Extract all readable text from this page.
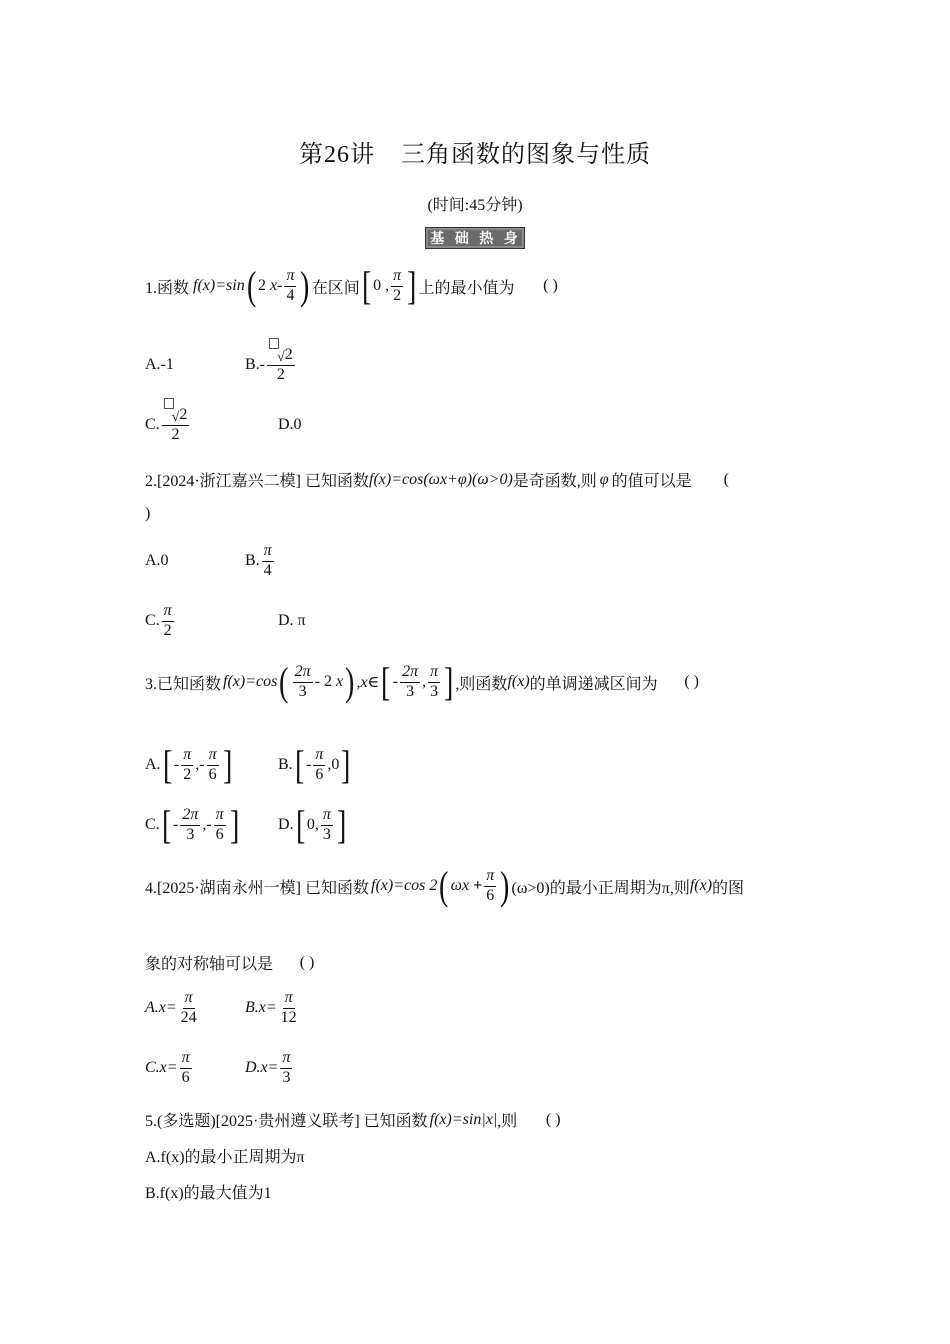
第26讲 三角函数的图象与性质
(时间:45分钟)
基 础 热 身
1.函数 f(x)=sin ( 2
x - $\frac{\pi}{4}$ ) 在区间 [ 0
, $\frac{\pi}{2}$ ] 上的最小值为	( )
A.-1	$B.- \frac{√2}{2}$
C. $\frac{√2}{2}$	D.0
2.[2024·浙江嘉兴二模] 已知函数 f(x)=cos(ωx+φ)(ω>0) 是奇函数,则 φ 的值可以是 (
)
A.0	B. $\frac{\pi}{4}$
C. $\frac{\pi}{2}$	D. π
3.已知函数 f(x)=cos ( $\frac{2\pi}{3}$ -
2
x ) ,x∈ [ - $\frac{2\pi}{3}$ , $\frac{\pi}{3}$ ] ,则函数 f(x) 的单调递减区间为	( )
A. [ - $\frac{\pi}{2}$ , - $\frac{\pi}{6}$ ]	B. [ - $\frac{\pi}{6}$ , 0 ]
C. [ - $\frac{2\pi}{3}$ , - $\frac{\pi}{6}$ ] D. [ 0 , $\frac{\pi}{3}$ ]
4.[2025·湖南永州一模] 已知函数 f(x)=cos 2 ( ωx
+ $\frac{\pi}{6}$ ) (ω>0)的最小正周期为π,则 f(x) 的图
象的对称轴可以是	( )
$A.x= \frac{\pi}{24}$	$B.x= \frac{\pi}{12}$
$C.x= \frac{\pi}{6}$	$D.x= \frac{\pi}{3}$
5.(多选题)[2025·贵州遵义联考] 已知函数 f(x)=sin|x| ,则	( )
A.f(x)的最小正周期为π
B.f(x)的最大值为1
